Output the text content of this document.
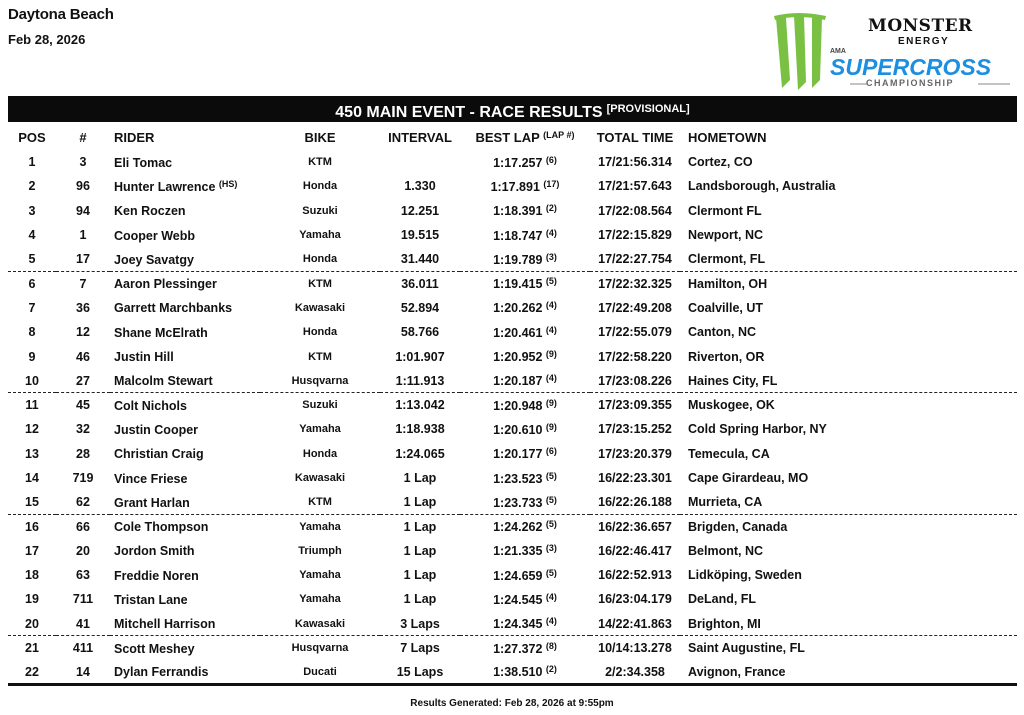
Daytona Beach
Feb 28, 2026
MONSTER
ENERGY
AMA
SUPERCROSS
CHAMPIONSHIP
450 MAIN EVENT - RACE RESULTS [PROVISIONAL]
POS	#	RIDER	BIKE	INTERVAL	BEST LAP $^{(LAP \#)}$	TOTAL TIME	HOMETOWN
1	3	Eli Tomac	KTM		1:17.257 $^{(6)}$	17/21:56.314	Cortez, CO
2	96	Hunter Lawrence $^{(HS)}$	Honda	1.330	1:17.891 $^{(17)}$	17/21:57.643	Landsborough, Australia
3	94	Ken Roczen	Suzuki	12.251	1:18.391 $^{(2)}$	17/22:08.564	Clermont FL
4	1	Cooper Webb	Yamaha	19.515	1:18.747 $^{(4)}$	17/22:15.829	Newport, NC
5	17	Joey Savatgy	Honda	31.440	1:19.789 $^{(3)}$	17/22:27.754	Clermont, FL
6	7	Aaron Plessinger	KTM	36.011	1:19.415 $^{(5)}$	17/22:32.325	Hamilton, OH
7	36	Garrett Marchbanks	Kawasaki	52.894	1:20.262 $^{(4)}$	17/22:49.208	Coalville, UT
8	12	Shane McElrath	Honda	58.766	1:20.461 $^{(4)}$	17/22:55.079	Canton, NC
9	46	Justin Hill	KTM	1:01.907	1:20.952 $^{(9)}$	17/22:58.220	Riverton, OR
10	27	Malcolm Stewart	Husqvarna	1:11.913	1:20.187 $^{(4)}$	17/23:08.226	Haines City, FL
11	45	Colt Nichols	Suzuki	1:13.042	1:20.948 $^{(9)}$	17/23:09.355	Muskogee, OK
12	32	Justin Cooper	Yamaha	1:18.938	1:20.610 $^{(9)}$	17/23:15.252	Cold Spring Harbor, NY
13	28	Christian Craig	Honda	1:24.065	1:20.177 $^{(6)}$	17/23:20.379	Temecula, CA
14	719	Vince Friese	Kawasaki	1 Lap	1:23.523 $^{(5)}$	16/22:23.301	Cape Girardeau, MO
15	62	Grant Harlan	KTM	1 Lap	1:23.733 $^{(5)}$	16/22:26.188	Murrieta, CA
16	66	Cole Thompson	Yamaha	1 Lap	1:24.262 $^{(5)}$	16/22:36.657	Brigden, Canada
17	20	Jordon Smith	Triumph	1 Lap	1:21.335 $^{(3)}$	16/22:46.417	Belmont, NC
18	63	Freddie Noren	Yamaha	1 Lap	1:24.659 $^{(5)}$	16/22:52.913	Lidköping, Sweden
19	711	Tristan Lane	Yamaha	1 Lap	1:24.545 $^{(4)}$	16/23:04.179	DeLand, FL
20	41	Mitchell Harrison	Kawasaki	3 Laps	1:24.345 $^{(4)}$	14/22:41.863	Brighton, MI
21	411	Scott Meshey	Husqvarna	7 Laps	1:27.372 $^{(8)}$	10/14:13.278	Saint Augustine, FL
22	14	Dylan Ferrandis	Ducati	15 Laps	1:38.510 $^{(2)}$	2/2:34.358	Avignon, France
Results Generated: Feb 28, 2026 at 9:55pm
